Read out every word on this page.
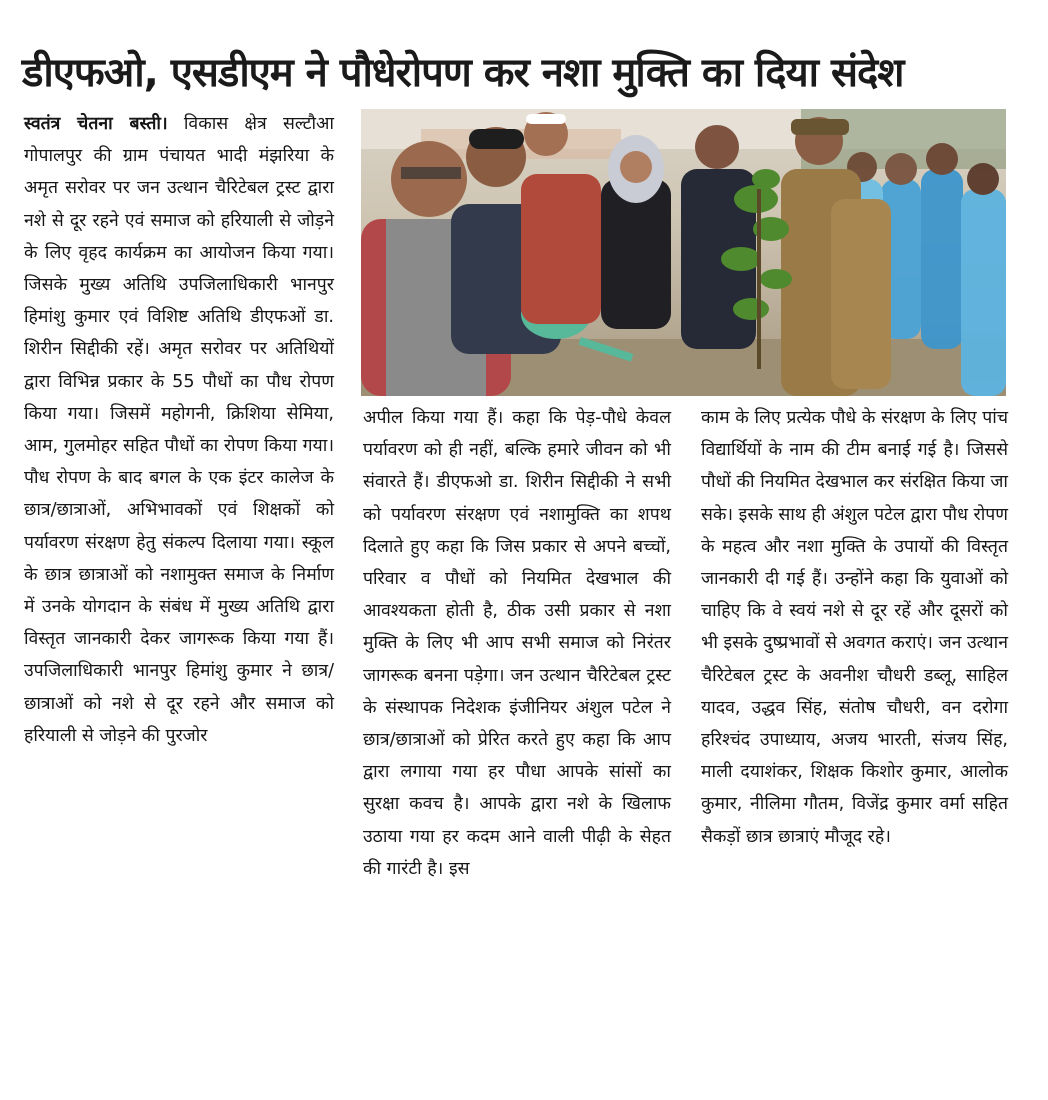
डीएफओ, एसडीएम ने पौधेरोपण कर नशा मुक्ति का दिया संदेश
स्वतंत्र चेतना बस्ती। विकास क्षेत्र सल्टौआ गोपालपुर की ग्राम पंचायत भादी मंझरिया के अमृत सरोवर पर जन उत्थान चैरिटेबल ट्रस्ट द्वारा नशे से दूर रहने एवं समाज को हरियाली से जोड़ने के लिए वृहद कार्यक्रम का आयोजन किया गया। जिसके मुख्य अतिथि उपजिलाधिकारी भानपुर हिमांशु कुमार एवं विशिष्ट अतिथि डीएफओं डा. शिरीन सिद्दीकी रहें। अमृत सरोवर पर अतिथियों द्वारा विभिन्न प्रकार के 55 पौधों का पौध रोपण किया गया। जिसमें महोगनी, क्रिशिया सेमिया, आम, गुलमोहर सहित पौधों का रोपण किया गया। पौध रोपण के बाद बगल के एक इंटर कालेज के छात्र/छात्राओं, अभिभावकों एवं शिक्षकों को पर्यावरण संरक्षण हेतु संकल्प दिलाया गया। स्कूल के छात्र छात्राओं को नशामुक्त समाज के निर्माण में उनके योगदान के संबंध में मुख्य अतिथि द्वारा विस्तृत जानकारी देकर जागरूक किया गया हैं। उपजिलाधिकारी भानपुर हिमांशु कुमार ने छात्र/छात्राओं को नशे से दूर रहने और समाज को हरियाली से जोड़ने की पुरजोर
अपील किया गया हैं। कहा कि पेड़-पौधे केवल पर्यावरण को ही नहीं, बल्कि हमारे जीवन को भी संवारते हैं। डीएफओ डा. शिरीन सिद्दीकी ने सभी को पर्यावरण संरक्षण एवं नशामुक्ति का शपथ दिलाते हुए कहा कि जिस प्रकार से अपने बच्चों, परिवार व पौधों को नियमित देखभाल की आवश्यकता होती है, ठीक उसी प्रकार से नशा मुक्ति के लिए भी आप सभी समाज को निरंतर जागरूक बनना पड़ेगा। जन उत्थान चैरिटेबल ट्रस्ट के संस्थापक निदेशक इंजीनियर अंशुल पटेल ने छात्र/छात्राओं को प्रेरित करते हुए कहा कि आप द्वारा लगाया गया हर पौधा आपके सांसों का सुरक्षा कवच है। आपके द्वारा नशे के खिलाफ उठाया गया हर कदम आने वाली पीढ़ी के सेहत की गारंटी है। इस
काम के लिए प्रत्येक पौधे के संरक्षण के लिए पांच विद्यार्थियों के नाम की टीम बनाई गई है। जिससे पौधों की नियमित देखभाल कर संरक्षित किया जा सके। इसके साथ ही अंशुल पटेल द्वारा पौध रोपण के महत्व और नशा मुक्ति के उपायों की विस्तृत जानकारी दी गई हैं। उन्होंने कहा कि युवाओं को चाहिए कि वे स्वयं नशे से दूर रहें और दूसरों को भी इसके दुष्प्रभावों से अवगत कराएं। जन उत्थान चैरिटेबल ट्रस्ट के अवनीश चौधरी डब्लू, साहिल यादव, उद्धव सिंह, संतोष चौधरी, वन दरोगा हरिश्चंद उपाध्याय, अजय भारती, संजय सिंह, माली दयाशंकर, शिक्षक किशोर कुमार, आलोक कुमार, नीलिमा गौतम, विजेंद्र कुमार वर्मा सहित सैकड़ों छात्र छात्राएं मौजूद रहे।
